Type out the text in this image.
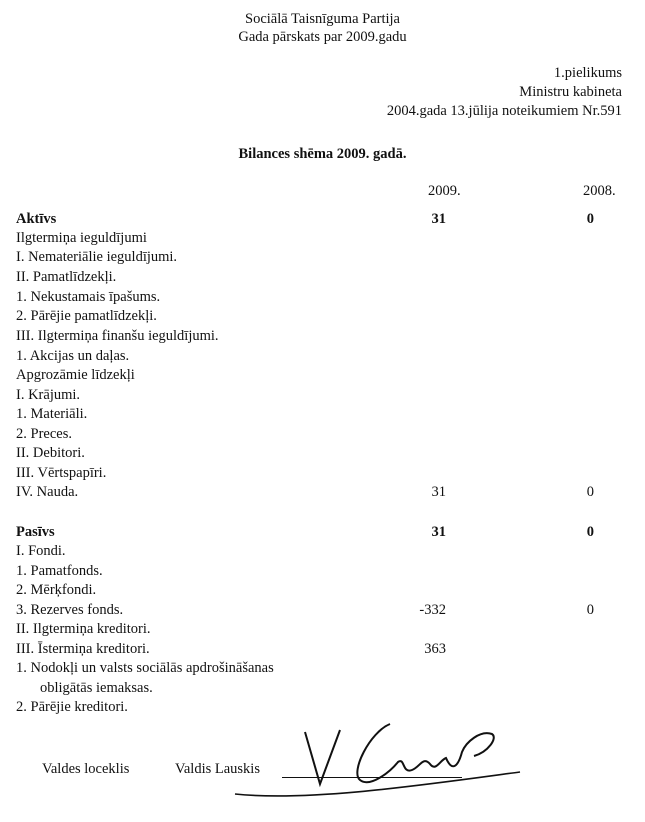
Sociālā Taisnīguma Partija
Gada pārskats par 2009.gadu
1.pielikums
Ministru kabineta
2004.gada 13.jūlija noteikumiem Nr.591
Bilances shēma 2009. gadā.
2009.	2008.
Aktīvs	31	0
Ilgtermiņa ieguldījumi
I. Nemateriālie ieguldījumi.
II. Pamatlīdzekļi.
1. Nekustamais īpašums.
2. Pārējie pamatlīdzekļi.
III. Ilgtermiņa finanšu ieguldījumi.
1. Akcijas un daļas.
Apgrozāmie līdzekļi
I. Krājumi.
1. Materiāli.
2. Preces.
II. Debitori.
III. Vērtspapīri.
IV. Nauda.	31	0
Pasīvs	31	0
I. Fondi.
1. Pamatfonds.
2. Mērķfondi.
3. Rezerves fonds.	-332	0
II. Ilgtermiņa kreditori.
III. Īstermiņa kreditori.	363
1. Nodokļi un valsts sociālās apdrošināšanas
obligātās iemaksas.
2. Pārējie kreditori.
Valdes loceklis	Valdis Lauskis
